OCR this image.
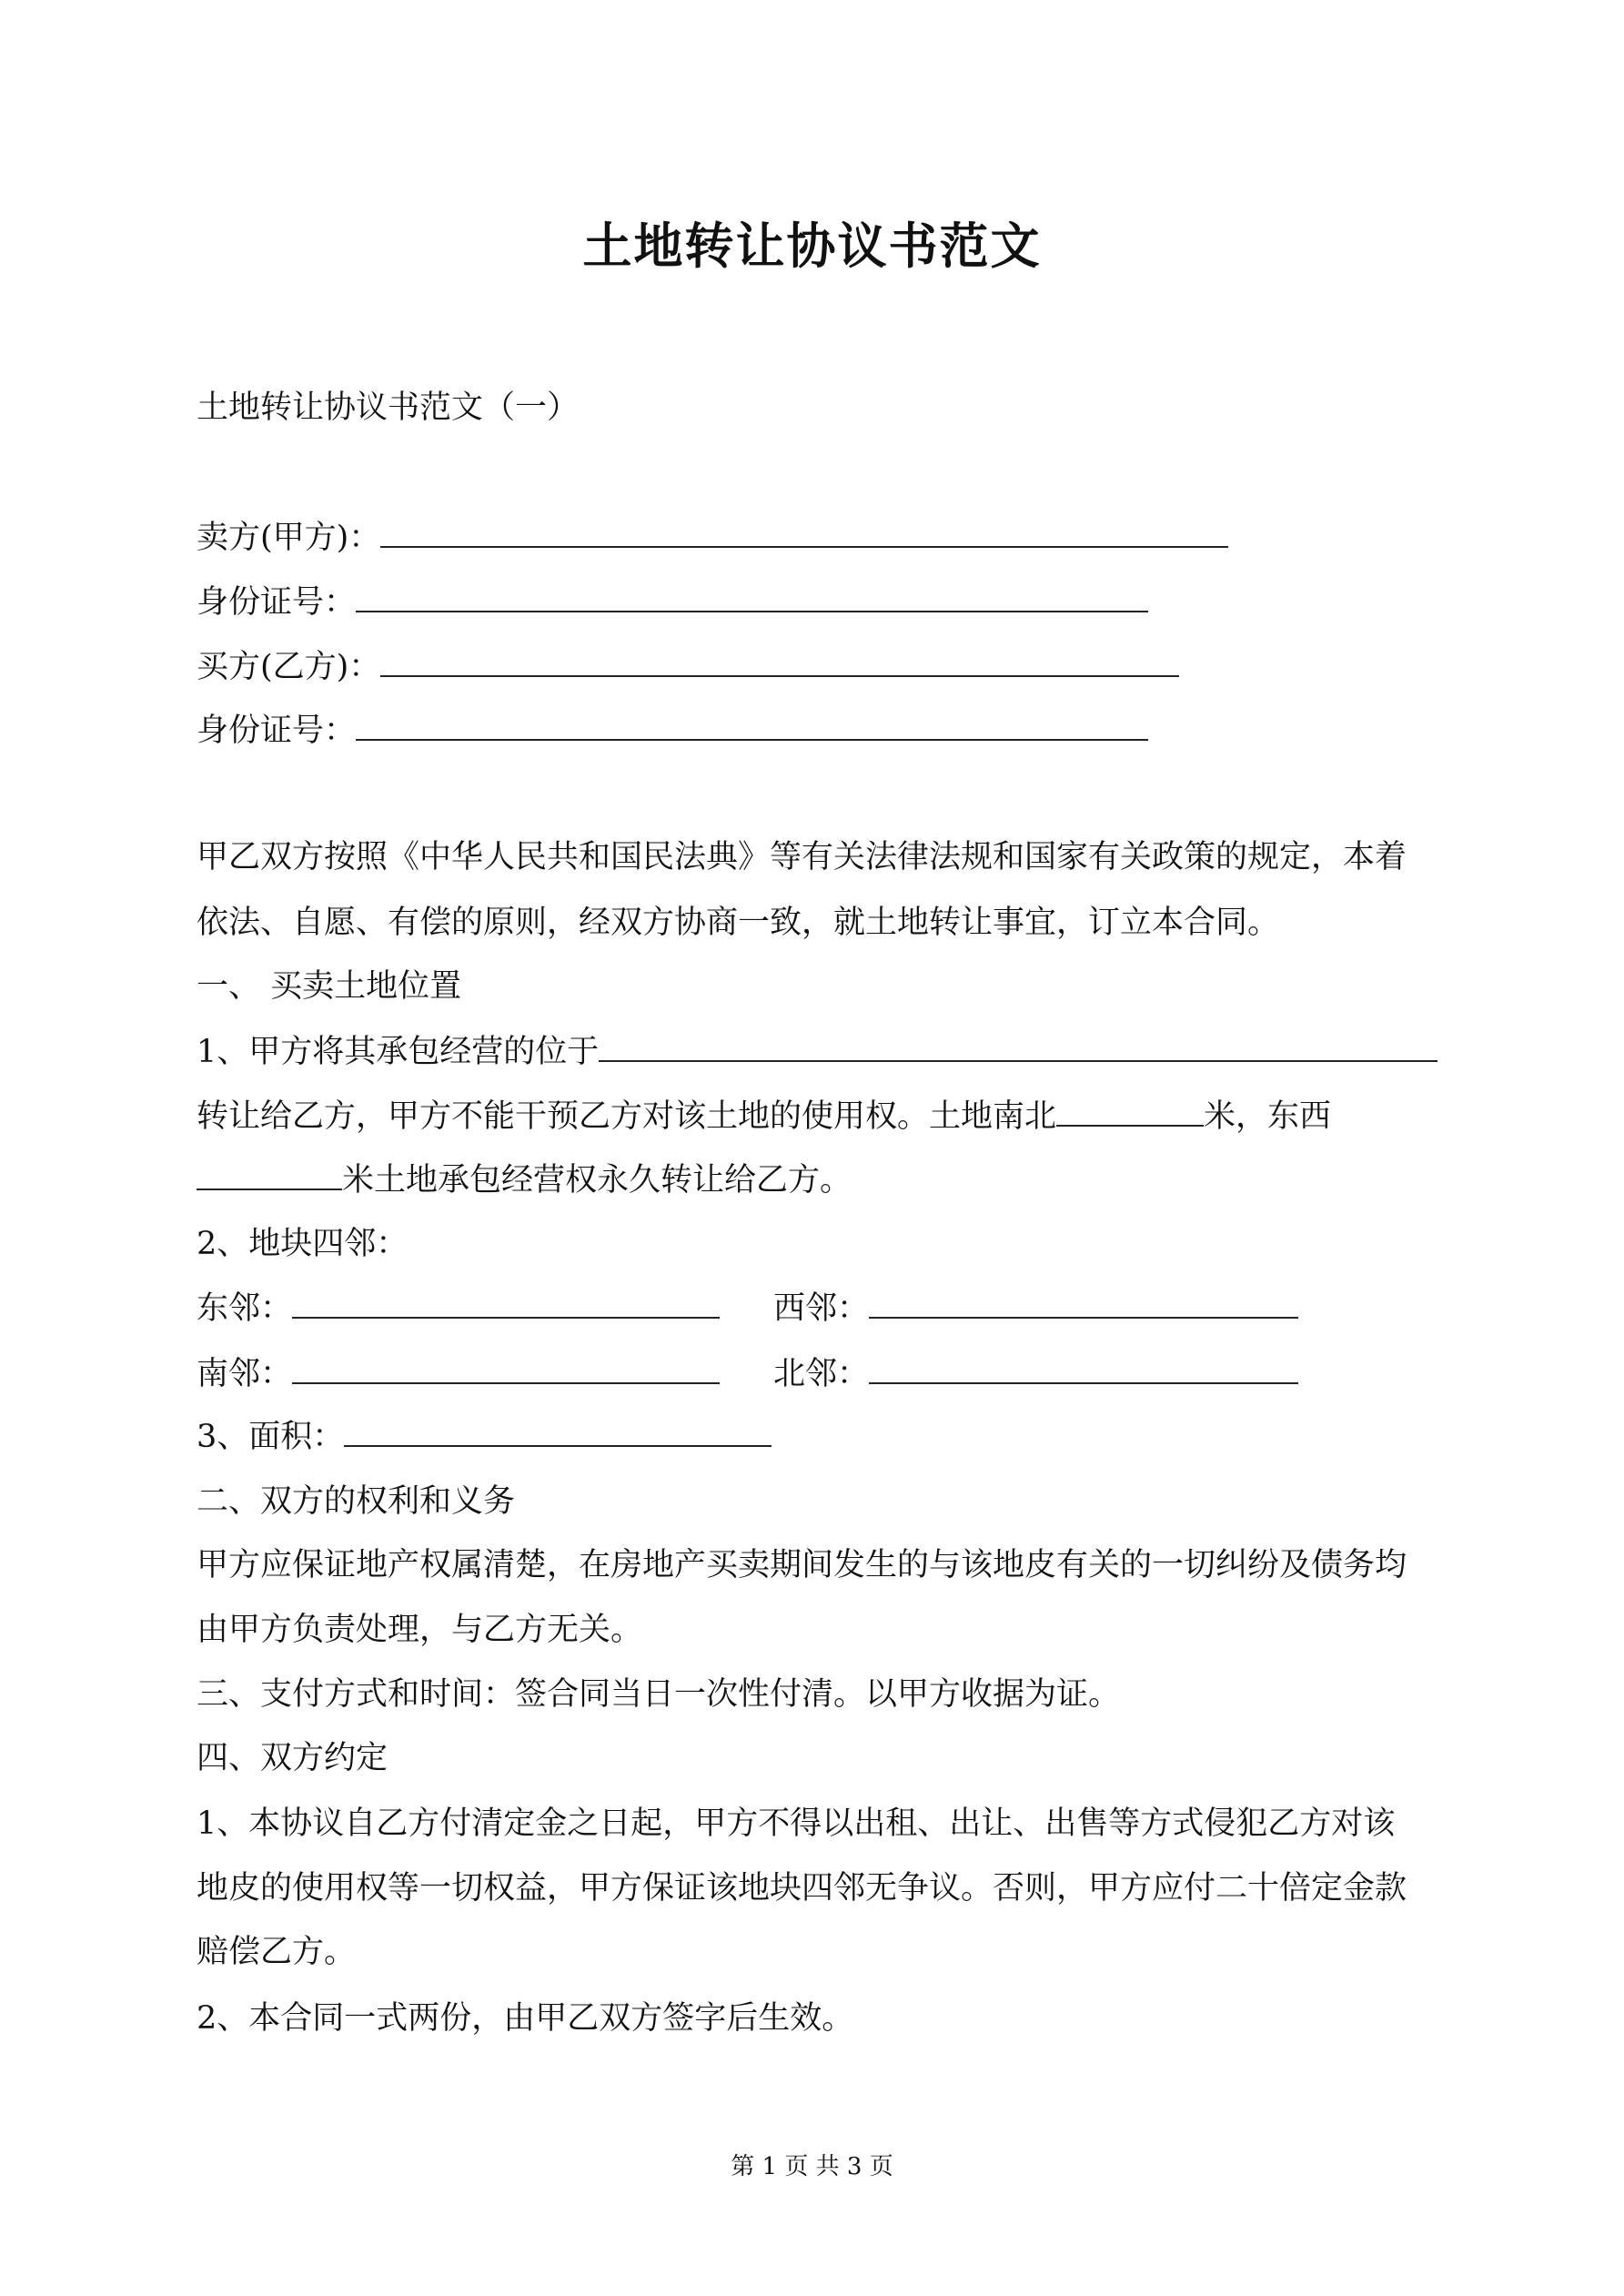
土地转让协议书范文
土地转让协议书范文（一）
卖方(甲方)：
身份证号：
买方(乙方)：
身份证号：
甲乙双方按照《中华人民共和国民法典》等有关法律法规和国家有关政策的规定，本着
依法、自愿、有偿的原则，经双方协商一致，就土地转让事宜，订立本合同。
一、 买卖土地位置
1、甲方将其承包经营的位于
转让给乙方，甲方不能干预乙方对该土地的使用权。土地南北	米，东西
米土地承包经营权永久转让给乙方。
2、地块四邻：
东邻：	西邻：
南邻：	北邻：
3、面积：
二、双方的权利和义务
甲方应保证地产权属清楚，在房地产买卖期间发生的与该地皮有关的一切纠纷及债务均
由甲方负责处理，与乙方无关。
三、支付方式和时间：签合同当日一次性付清。以甲方收据为证。
四、双方约定
1、本协议自乙方付清定金之日起，甲方不得以出租、出让、出售等方式侵犯乙方对该
地皮的使用权等一切权益，甲方保证该地块四邻无争议。否则，甲方应付二十倍定金款
赔偿乙方。
2、本合同一式两份，由甲乙双方签字后生效。
第 1 页 共 3 页
